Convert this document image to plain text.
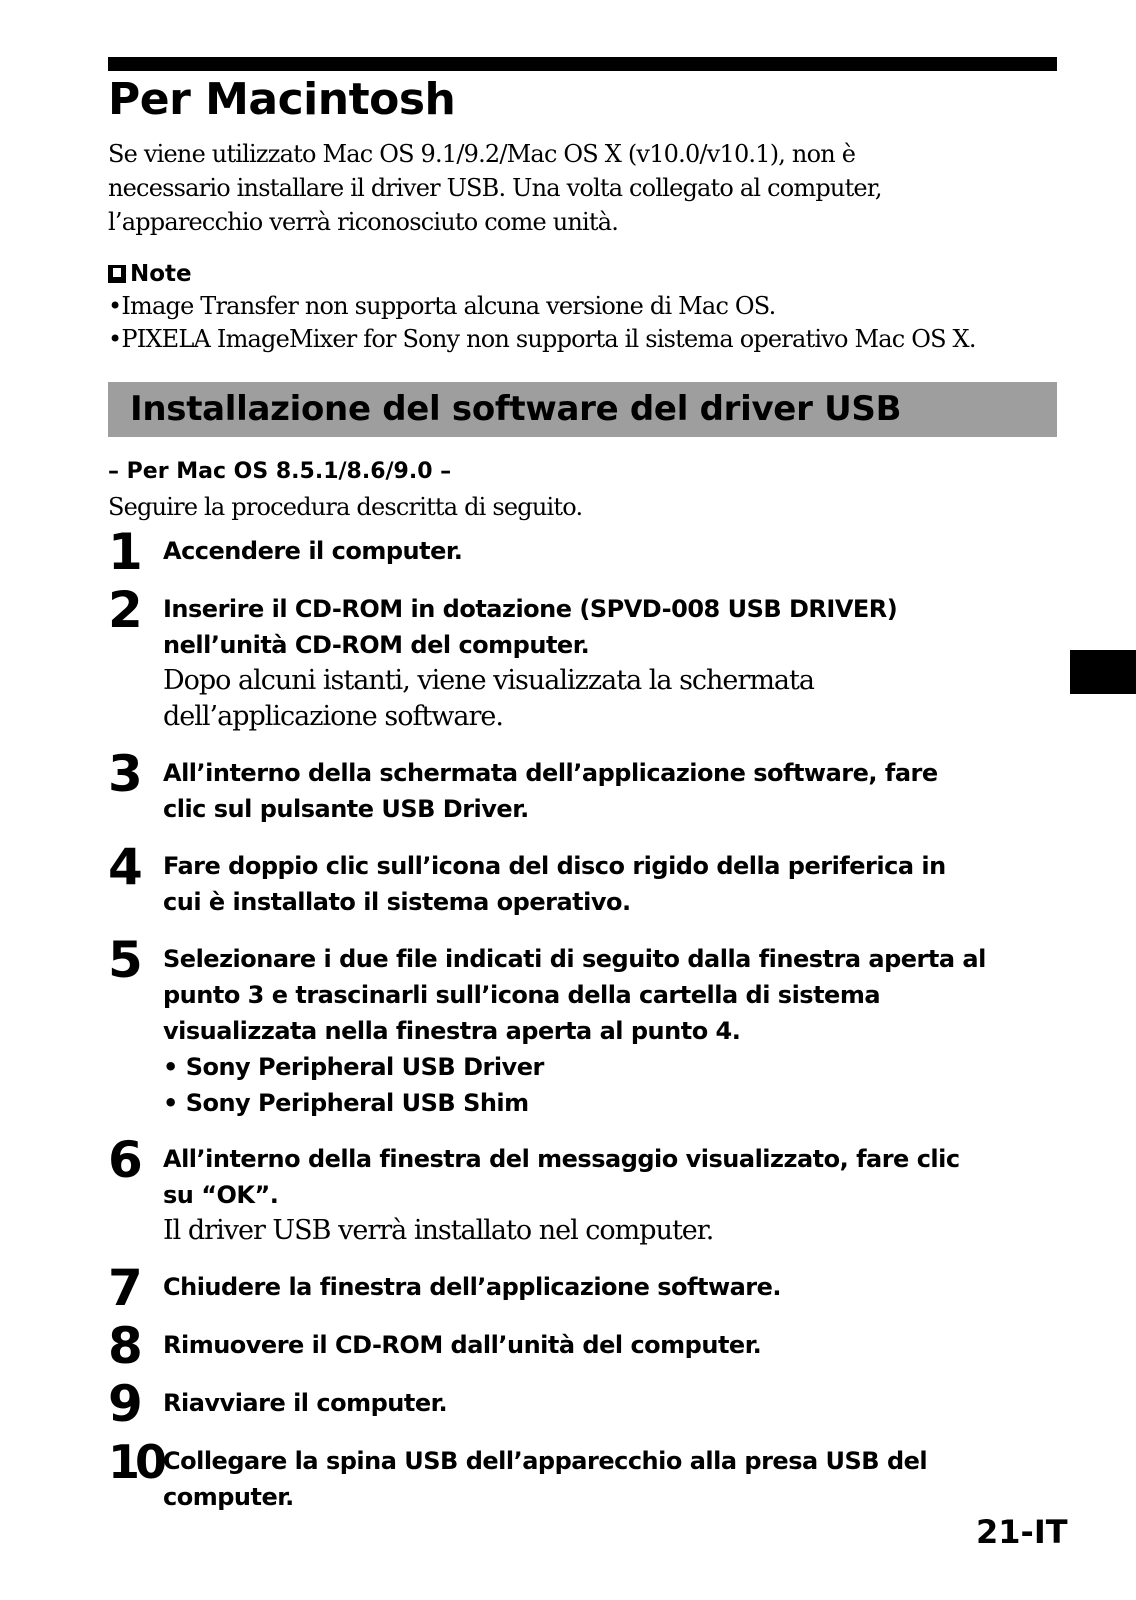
Per Macintosh

Se viene utilizzato Mac OS 9.1/9.2/Mac OS X (v10.0/v10.1), non è
necessario installare il driver USB. Una volta collegato al computer,
l’apparecchio verrà riconosciuto come unità.

Note
• Image Transfer non supporta alcuna versione di Mac OS.
• PIXELA ImageMixer for Sony non supporta il sistema operativo Mac OS X.
Installazione del software del driver USB

– Per Mac OS 8.5.1/8.6/9.0 –

Seguire la procedura descritta di seguito.

1 Accendere il computer.
2 Inserire il CD-ROM in dotazione (SPVD-008 USB DRIVER)
nell’unità CD-ROM del computer.
Dopo alcuni istanti, viene visualizzata la schermata
dell’applicazione software.
3 All’interno della schermata dell’applicazione software, fare
clic sul pulsante USB Driver.
4 Fare doppio clic sull’icona del disco rigido della periferica in
cui è installato il sistema operativo.
5 Selezionare i due file indicati di seguito dalla finestra aperta al
punto 3 e trascinarli sull’icona della cartella di sistema
visualizzata nella finestra aperta al punto 4.
• Sony Peripheral USB Driver
• Sony Peripheral USB Shim
6 All’interno della finestra del messaggio visualizzato, fare clic
su “OK”.
Il driver USB verrà installato nel computer.
7 Chiudere la finestra dell’applicazione software.
8 Rimuovere il CD-ROM dall’unità del computer.
9 Riavviare il computer.
10 Collegare la spina USB dell’apparecchio alla presa USB del
computer.

21-IT
